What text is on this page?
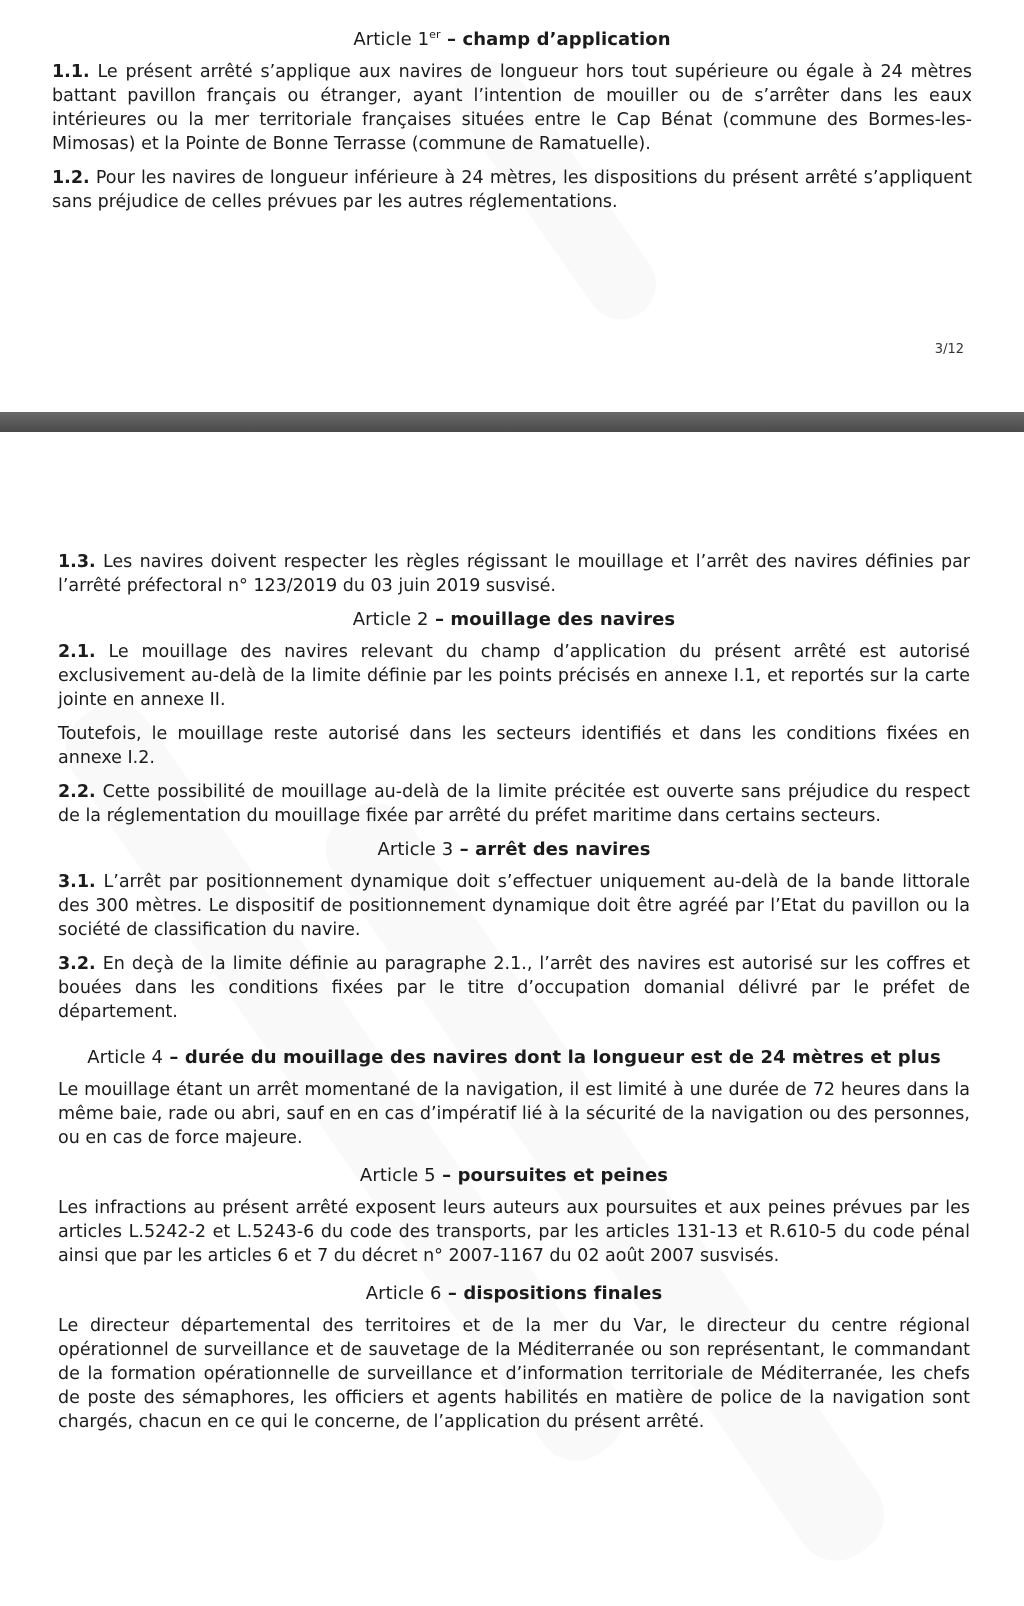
Article 1er – champ d’application

1.1. Le présent arrêté s’applique aux navires de longueur hors tout supérieure ou égale à 24 mètres battant pavillon français ou étranger, ayant l’intention de mouiller ou de s’arrêter dans les eaux intérieures ou la mer territoriale françaises situées entre le Cap Bénat (commune des Bormes-les-Mimosas) et la Pointe de Bonne Terrasse (commune de Ramatuelle).

1.2. Pour les navires de longueur inférieure à 24 mètres, les dispositions du présent arrêté s’appliquent sans préjudice de celles prévues par les autres réglementations.

3/12

1.3. Les navires doivent respecter les règles régissant le mouillage et l’arrêt des navires définies par l’arrêté préfectoral n° 123/2019 du 03 juin 2019 susvisé.

Article 2 – mouillage des navires

2.1. Le mouillage des navires relevant du champ d’application du présent arrêté est autorisé exclusivement au-delà de la limite définie par les points précisés en annexe I.1, et reportés sur la carte jointe en annexe II.

Toutefois, le mouillage reste autorisé dans les secteurs identifiés et dans les conditions fixées en annexe I.2.

2.2. Cette possibilité de mouillage au-delà de la limite précitée est ouverte sans préjudice du respect de la réglementation du mouillage fixée par arrêté du préfet maritime dans certains secteurs.

Article 3 – arrêt des navires

3.1. L’arrêt par positionnement dynamique doit s’effectuer uniquement au-delà de la bande littorale des 300 mètres. Le dispositif de positionnement dynamique doit être agréé par l’Etat du pavillon ou la société de classification du navire.

3.2. En deçà de la limite définie au paragraphe 2.1., l’arrêt des navires est autorisé sur les coffres et bouées dans les conditions fixées par le titre d’occupation domanial délivré par le préfet de département.

Article 4 – durée du mouillage des navires dont la longueur est de 24 mètres et plus

Le mouillage étant un arrêt momentané de la navigation, il est limité à une durée de 72 heures dans la même baie, rade ou abri, sauf en en cas d’impératif lié à la sécurité de la navigation ou des personnes, ou en cas de force majeure.

Article 5 – poursuites et peines

Les infractions au présent arrêté exposent leurs auteurs aux poursuites et aux peines prévues par les articles L.5242-2 et L.5243-6 du code des transports, par les articles 131-13 et R.610-5 du code pénal ainsi que par les articles 6 et 7 du décret n° 2007-1167 du 02 août 2007 susvisés.

Article 6 – dispositions finales

Le directeur départemental des territoires et de la mer du Var, le directeur du centre régional opérationnel de surveillance et de sauvetage de la Méditerranée ou son représentant, le commandant de la formation opérationnelle de surveillance et d’information territoriale de Méditerranée, les chefs de poste des sémaphores, les officiers et agents habilités en matière de police de la navigation sont chargés, chacun en ce qui le concerne, de l’application du présent arrêté.
